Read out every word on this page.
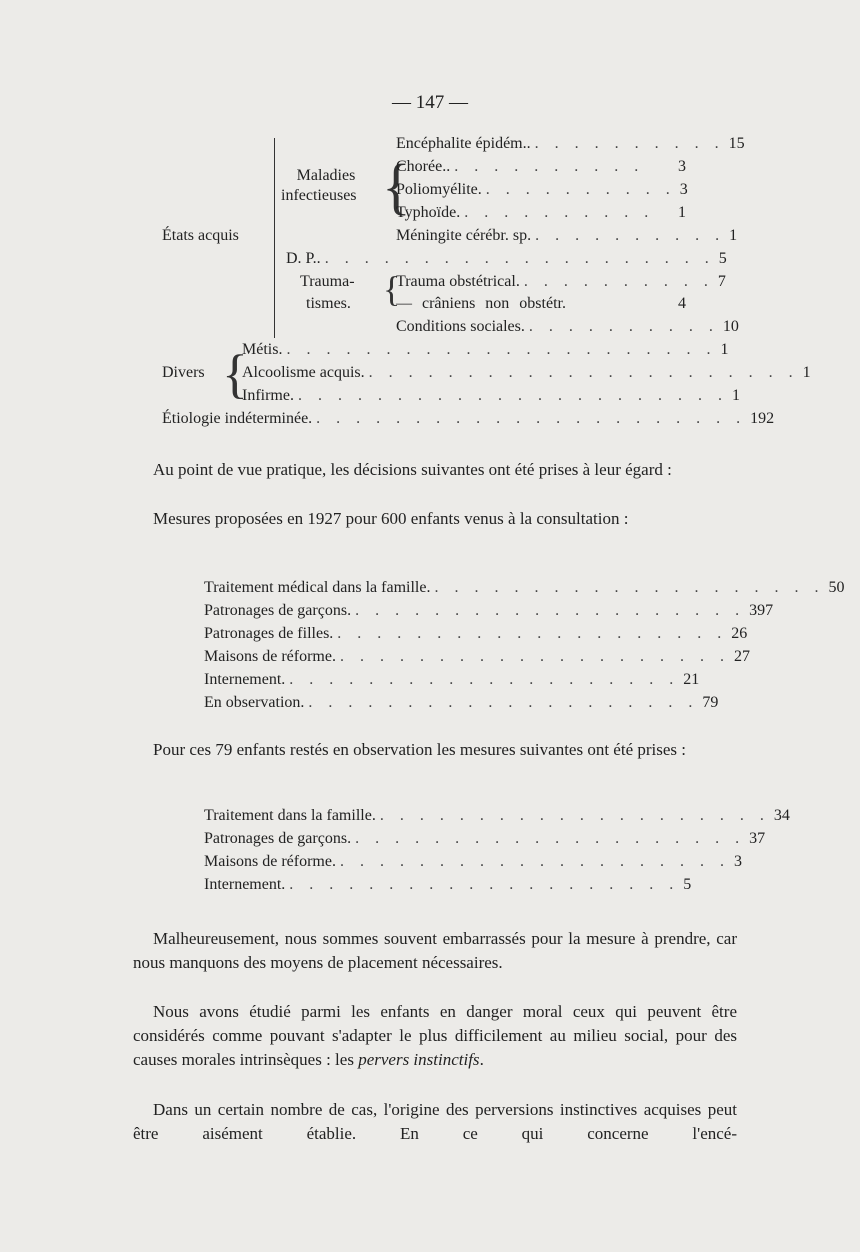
— 147 —
États acquis
Maladies
infectieuses {
Encéphalite épidém.. . . . . . . . . . . 15
Chorée.. . . . . . . . . . .	3
Poliomyélite. . . . . . . . . . . 3
Typhoïde. . . . . . . . . . .	1
Méningite cérébr. sp. . . . . . . . . . . 1
D. P.. . . . . . . . . . . . . . . . . . . . . 5
Trauma-
tismes. {
Trauma obstétrical. . . . . . . . . . . 7
— crâniens non obstétr.	4
Conditions sociales. . . . . . . . . . . 10
Divers {
Métis. . . . . . . . . . . . . . . . . . . . . . . 1
Alcoolisme acquis. . . . . . . . . . . . . . . . . . . . . . . 1
Infirme. . . . . . . . . . . . . . . . . . . . . . . 1
Étiologie indéterminée. . . . . . . . . . . . . . . . . . . . . . . 192
Au point de vue pratique, les décisions suivantes ont été prises à leur égard :
Mesures proposées en 1927 pour 600 enfants venus à la consultation :
Traitement médical dans la famille. . . . . . . . . . . . . . . . . . . . . 50
Patronages de garçons. . . . . . . . . . . . . . . . . . . . . 397
Patronages de filles. . . . . . . . . . . . . . . . . . . . . 26
Maisons de réforme. . . . . . . . . . . . . . . . . . . . . 27
Internement. . . . . . . . . . . . . . . . . . . . . 21
En observation. . . . . . . . . . . . . . . . . . . . . 79
Pour ces 79 enfants restés en observation les mesures suivantes ont été prises :
Traitement dans la famille. . . . . . . . . . . . . . . . . . . . . 34
Patronages de garçons. . . . . . . . . . . . . . . . . . . . . 37
Maisons de réforme. . . . . . . . . . . . . . . . . . . . . 3
Internement. . . . . . . . . . . . . . . . . . . . . 5
Malheureusement, nous sommes souvent embarrassés pour la mesure à prendre, car nous manquons des moyens de placement nécessaires.
Nous avons étudié parmi les enfants en danger moral ceux qui peuvent être considérés comme pouvant s'adapter le plus difficilement au milieu social, pour des causes morales intrinsèques : les pervers instinctifs.
Dans un certain nombre de cas, l'origine des perversions instinctives acquises peut être aisément établie. En ce qui concerne l'encé-
